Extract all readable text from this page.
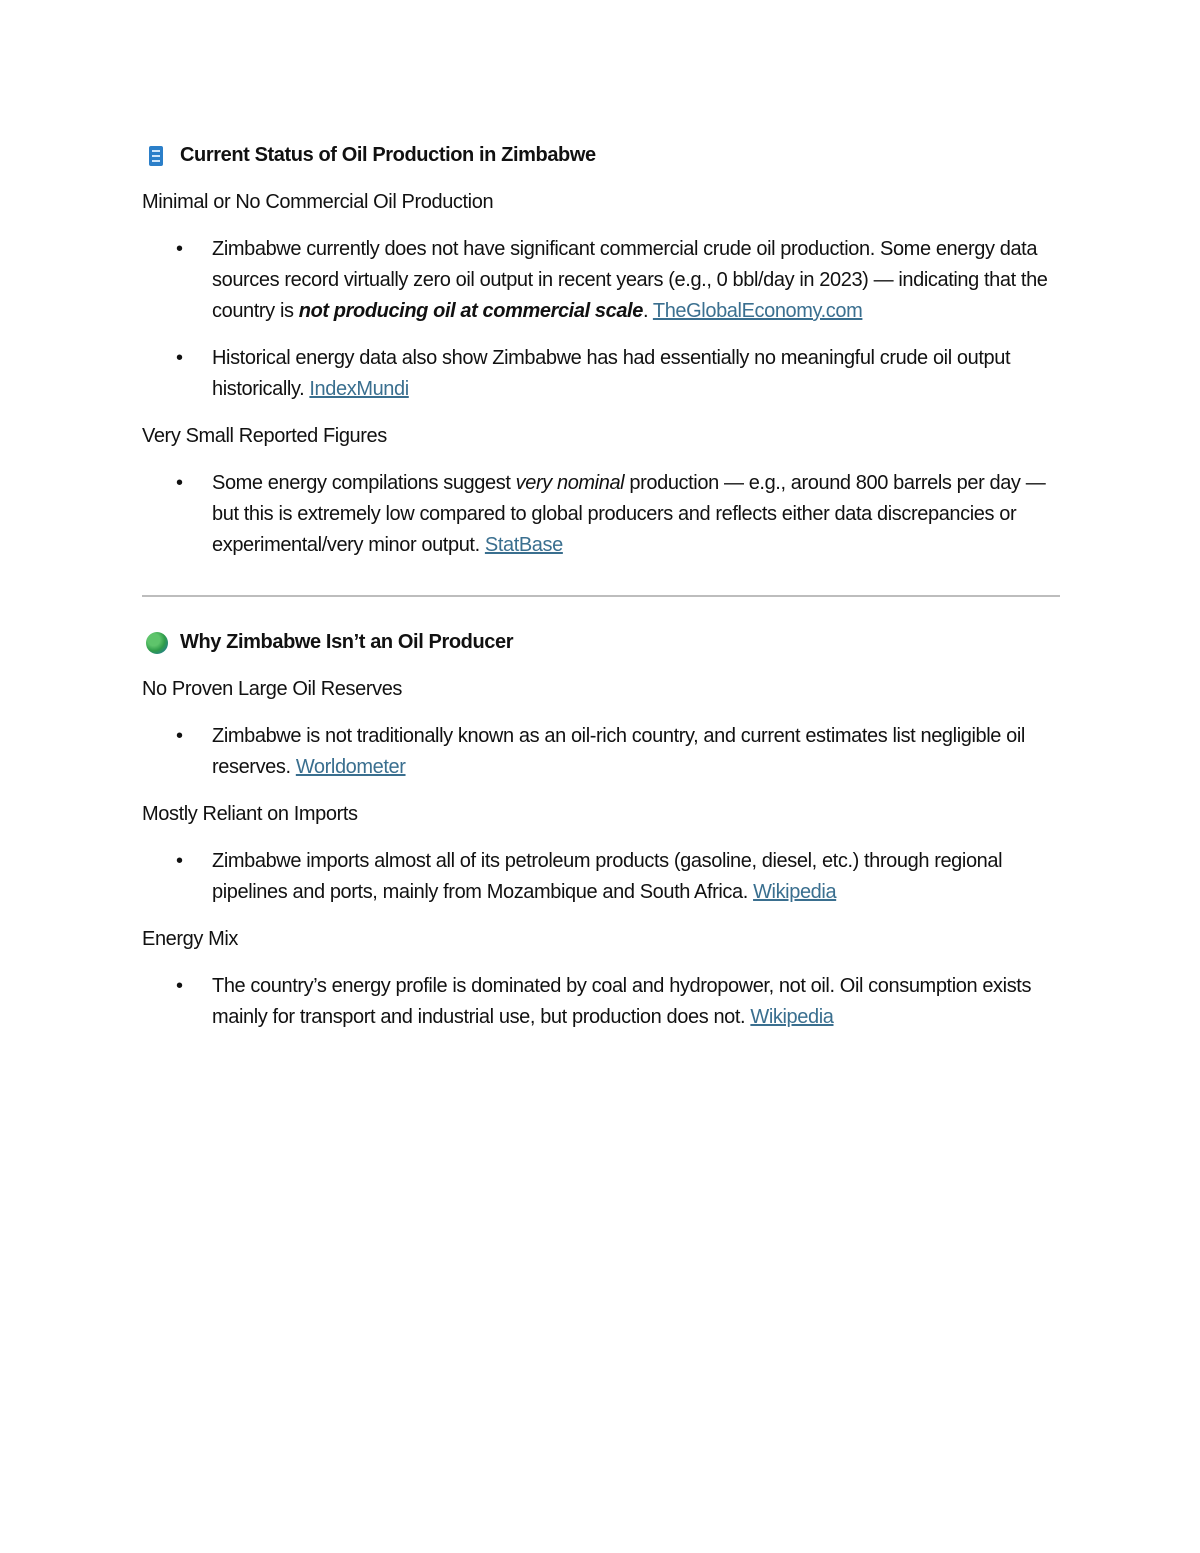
Current Status of Oil Production in Zimbabwe
Minimal or No Commercial Oil Production
• Zimbabwe currently does not have significant commercial crude oil production. Some energy data sources record virtually zero oil output in recent years (e.g., 0 bbl/day in 2023) — indicating that the country is not producing oil at commercial scale. TheGlobalEconomy.com
• Historical energy data also show Zimbabwe has had essentially no meaningful crude oil output historically. IndexMundi
Very Small Reported Figures
• Some energy compilations suggest very nominal production — e.g., around 800 barrels per day — but this is extremely low compared to global producers and reflects either data discrepancies or experimental/very minor output. StatBase
Why Zimbabwe Isn’t an Oil Producer
No Proven Large Oil Reserves
• Zimbabwe is not traditionally known as an oil-rich country, and current estimates list negligible oil reserves. Worldometer
Mostly Reliant on Imports
• Zimbabwe imports almost all of its petroleum products (gasoline, diesel, etc.) through regional pipelines and ports, mainly from Mozambique and South Africa. Wikipedia
Energy Mix
• The country’s energy profile is dominated by coal and hydropower, not oil. Oil consumption exists mainly for transport and industrial use, but production does not. Wikipedia
